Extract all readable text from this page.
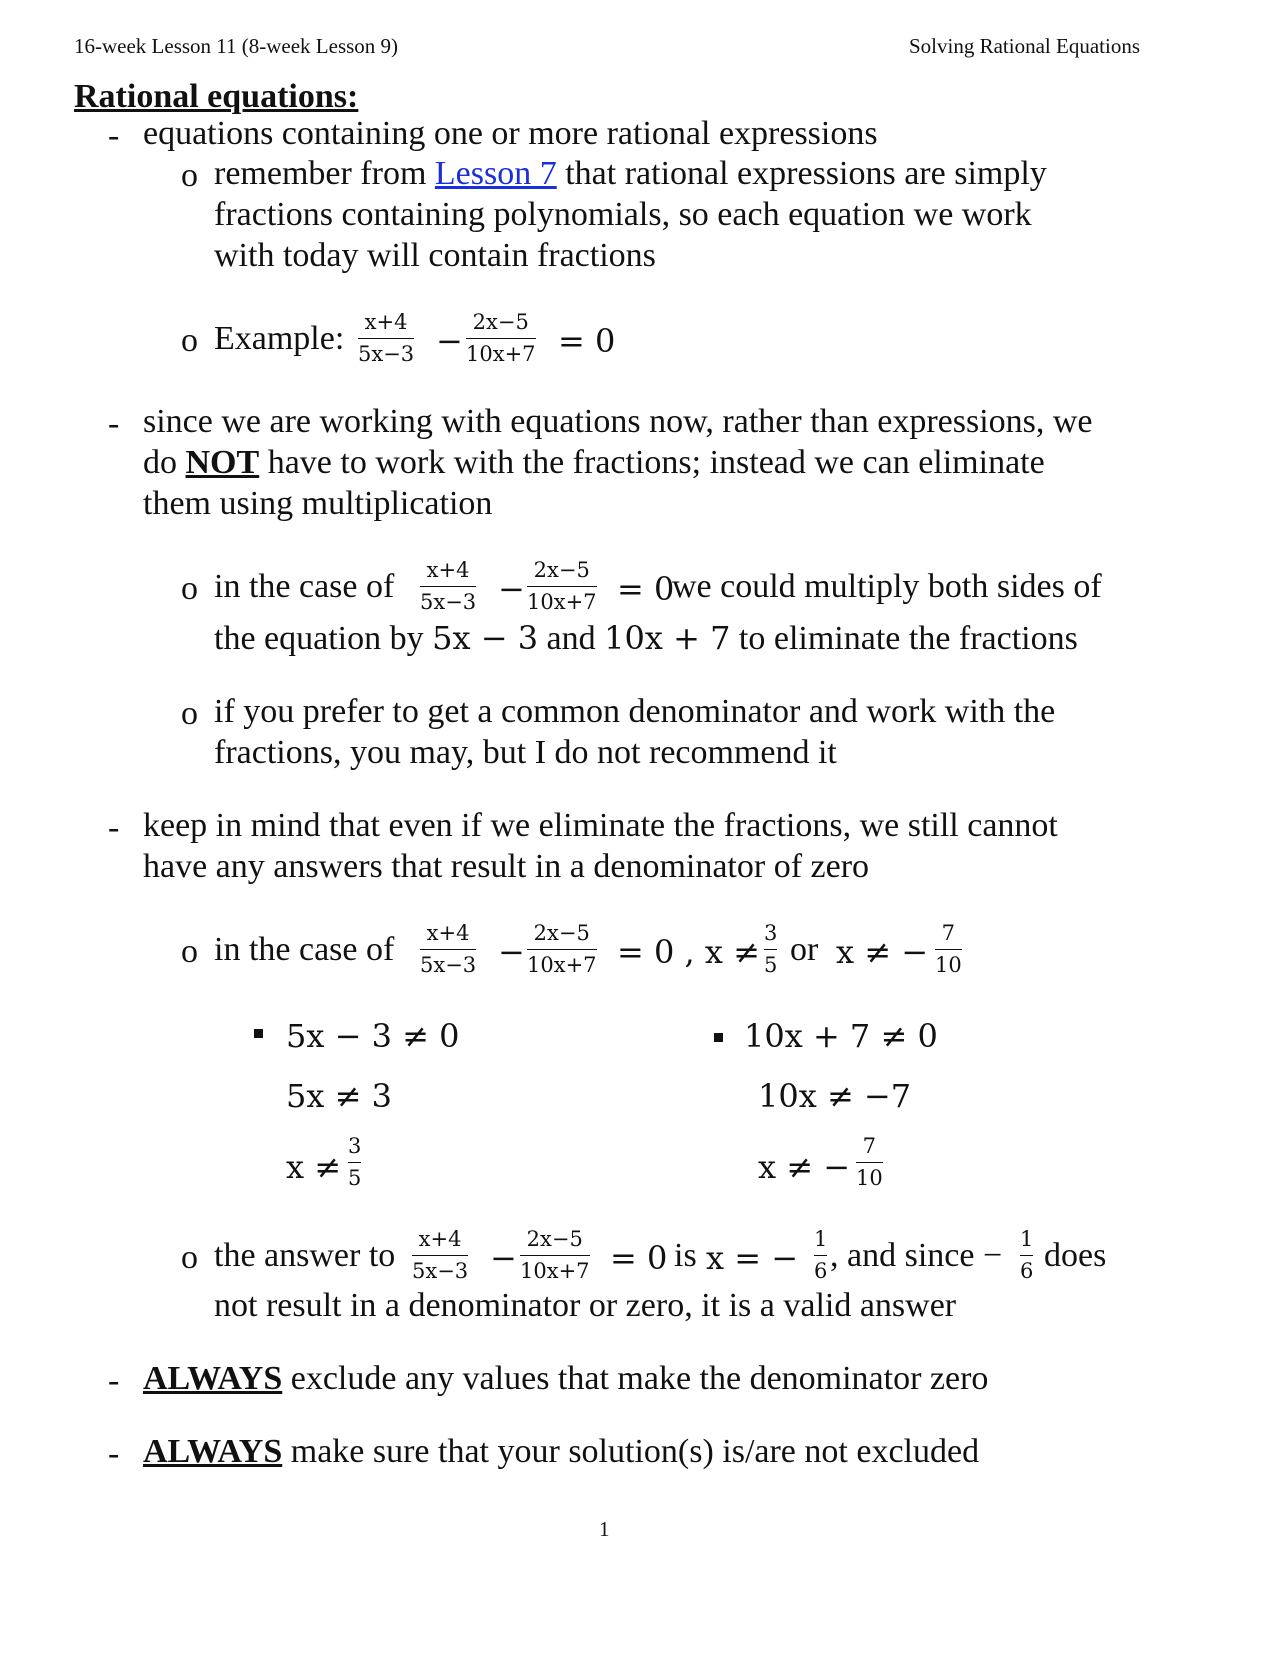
16-week Lesson 11 (8-week Lesson 9)	Solving Rational Equations
Rational equations:
- equations containing one or more rational expressions
o remember from Lesson 7 that rational expressions are simply
fractions containing polynomials, so each equation we work
with today will contain fractions
o Example: x+4
5x−3 − 2x−5
10x+7 = 0
- since we are working with equations now, rather than expressions, we
do NOT have to work with the fractions; instead we can eliminate
them using multiplication
o in the case of x+4
5x−3 − 2x−5
10x+7 = 0
we could multiply both sides of
the equation by 5x − 3 and 10x + 7 to eliminate the fractions
o if you prefer to get a common denominator and work with the
fractions, you may, but I do not recommend it
- keep in mind that even if we eliminate the fractions, we still cannot
have any answers that result in a denominator of zero
o in the case of x+4
5x−3 − 2x−5
10x+7 = 0 , x ≠ 3
5 or x ≠ − 7
10
5x − 3 ≠ 0
5x ≠ 3
x ≠
3
5
10x + 7 ≠ 0
10x ≠ −7
x ≠ −
7
10
o the answer to x+4
5x−3 − 2x−5
10x+7 = 0 is x = − 1
6 , and since − 1
6 does
not result in a denominator or zero, it is a valid answer
- ALWAYS exclude any values that make the denominator zero
- ALWAYS make sure that your solution(s) is/are not excluded
1
